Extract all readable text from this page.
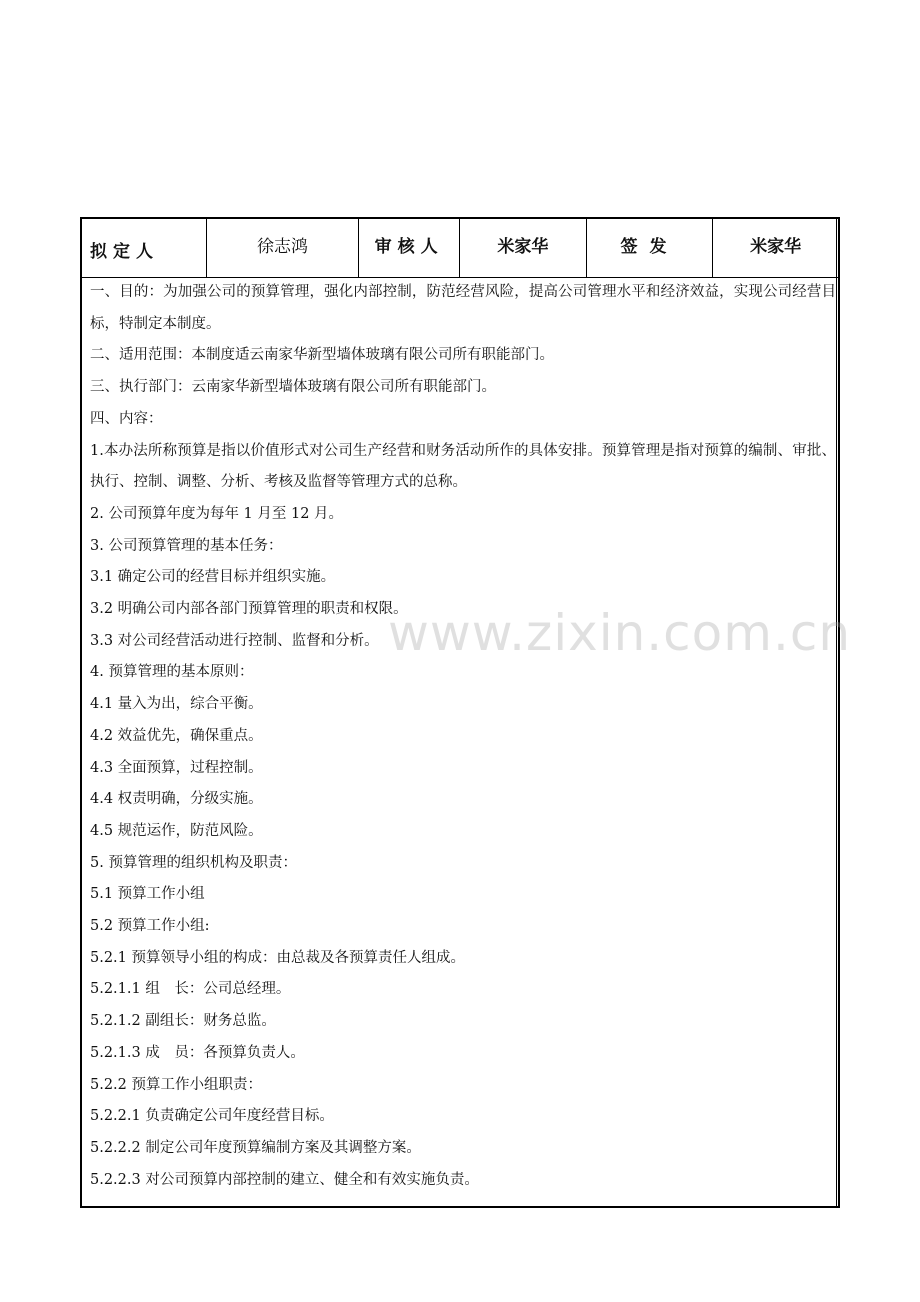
拟定人	徐志鸿	审核人	米家华	签发	米家华

一、目的：为加强公司的预算管理，强化内部控制，防范经营风险，提高公司管理水平和经济效益，实现公司经营目标，特制定本制度。

二、适用范围：本制度适云南家华新型墙体玻璃有限公司所有职能部门。

三、执行部门：云南家华新型墙体玻璃有限公司所有职能部门。

四、内容：

1.本办法所称预算是指以价值形式对公司生产经营和财务活动所作的具体安排。预算管理是指对预算的编制、审批、执行、控制、调整、分析、考核及监督等管理方式的总称。

2. 公司预算年度为每年 1 月至 12 月。

3. 公司预算管理的基本任务：

3.1 确定公司的经营目标并组织实施。

3.2 明确公司内部各部门预算管理的职责和权限。

3.3 对公司经营活动进行控制、监督和分析。

4. 预算管理的基本原则：

4.1 量入为出，综合平衡。

4.2 效益优先，确保重点。

4.3 全面预算，过程控制。

4.4 权责明确，分级实施。

4.5 规范运作，防范风险。

5. 预算管理的组织机构及职责：

5.1 预算工作小组

5.2 预算工作小组:

5.2.1 预算领导小组的构成：由总裁及各预算责任人组成。

5.2.1.1 组　长：公司总经理。

5.2.1.2 副组长：财务总监。

5.2.1.3 成　员：各预算负责人。

5.2.2 预算工作小组职责：

5.2.2.1 负责确定公司年度经营目标。

5.2.2.2 制定公司年度预算编制方案及其调整方案。

5.2.2.3 对公司预算内部控制的建立、健全和有效实施负责。

www.zixin.com.cn
